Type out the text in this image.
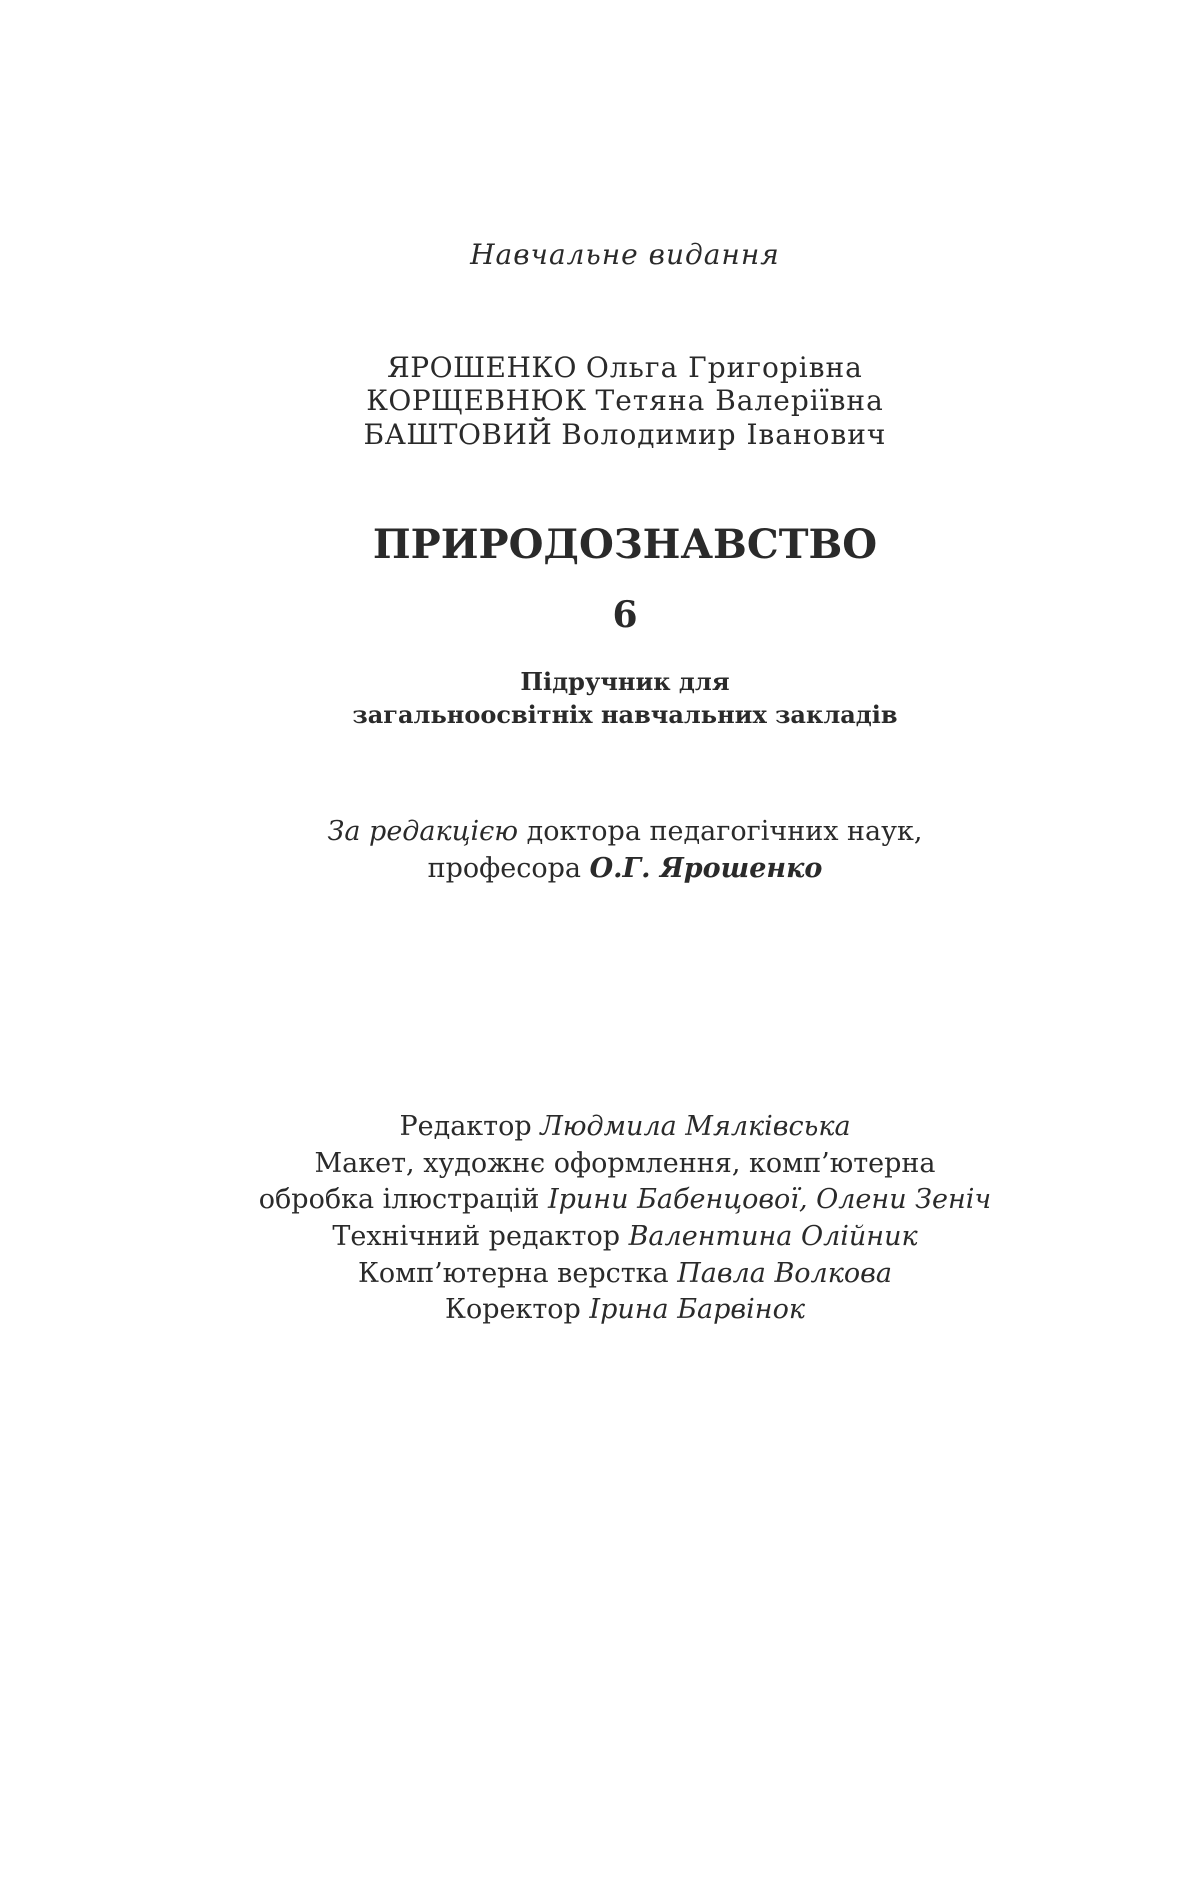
Навчальне видання
ЯРОШЕНКО Ольга Григорівна
КОРЩЕВНЮК Тетяна Валеріївна
БАШТОВИЙ Володимир Іванович
ПРИРОДОЗНАВСТВО
6
Підручник для
загальноосвітніх навчальних закладів
За редакцією доктора педагогічних наук,
професора О.Г. Ярошенко
Редактор Людмила Мялківська
Макет, художнє оформлення, комп’ютерна
обробка ілюстрацій Ірини Бабенцової, Олени Зеніч
Технічний редактор Валентина Олійник
Комп’ютерна верстка Павла Волкова
Коректор Ірина Барвінок
